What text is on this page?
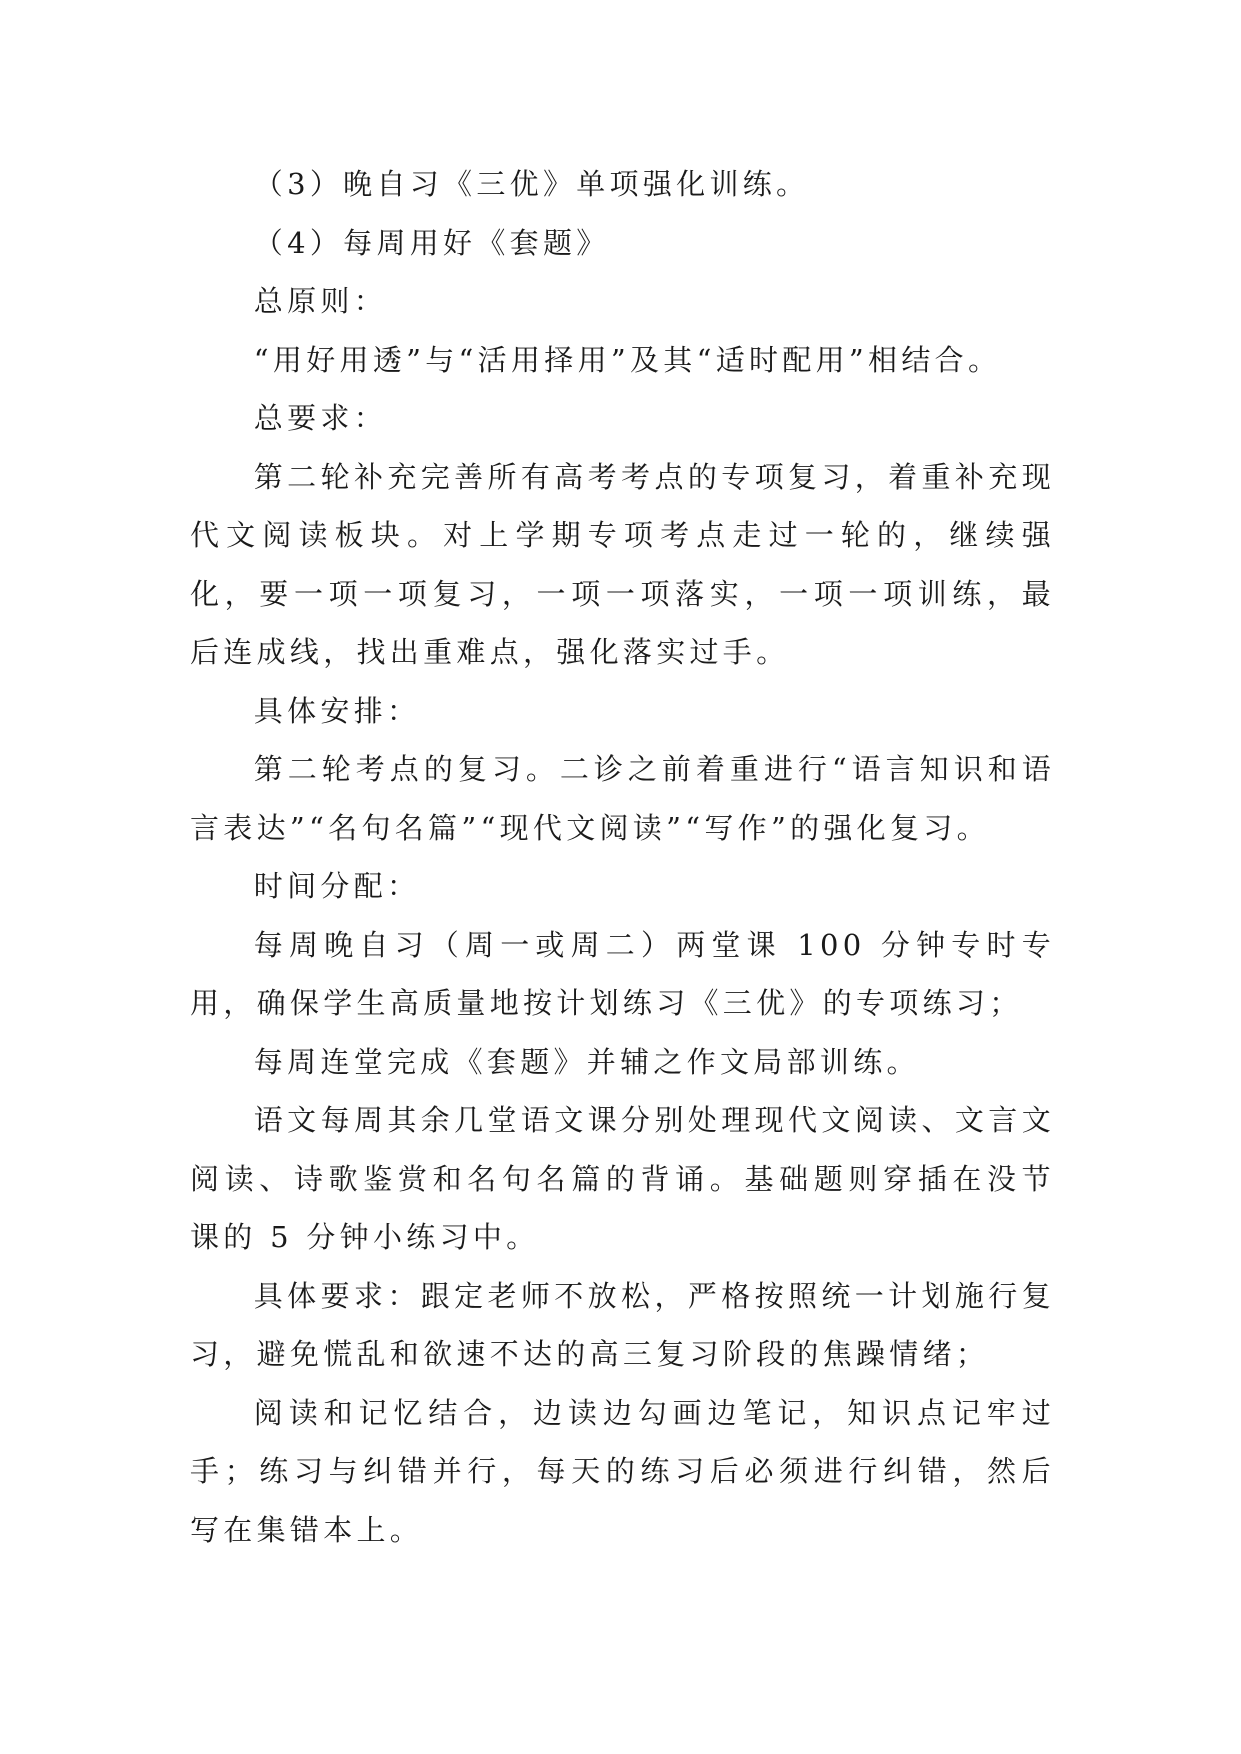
（3）晚自习《三优》单项强化训练。

（4）每周用好《套题》

总原则：

“用好用透”与“活用择用”及其“适时配用”相结合。

总要求：

第二轮补充完善所有高考考点的专项复习，着重补充现代文阅读板块。对上学期专项考点走过一轮的，继续强化，要一项一项复习，一项一项落实，一项一项训练，最后连成线，找出重难点，强化落实过手。

具体安排：

第二轮考点的复习。二诊之前着重进行“语言知识和语言表达”“名句名篇”“现代文阅读”“写作”的强化复习。

时间分配：

每周晚自习（周一或周二）两堂课 100 分钟专时专用，确保学生高质量地按计划练习《三优》的专项练习；

每周连堂完成《套题》并辅之作文局部训练。

语文每周其余几堂语文课分别处理现代文阅读、文言文阅读、诗歌鉴赏和名句名篇的背诵。基础题则穿插在没节课的 5 分钟小练习中。

具体要求：跟定老师不放松，严格按照统一计划施行复习，避免慌乱和欲速不达的高三复习阶段的焦躁情绪；

阅读和记忆结合，边读边勾画边笔记，知识点记牢过手；练习与纠错并行，每天的练习后必须进行纠错，然后写在集错本上。
